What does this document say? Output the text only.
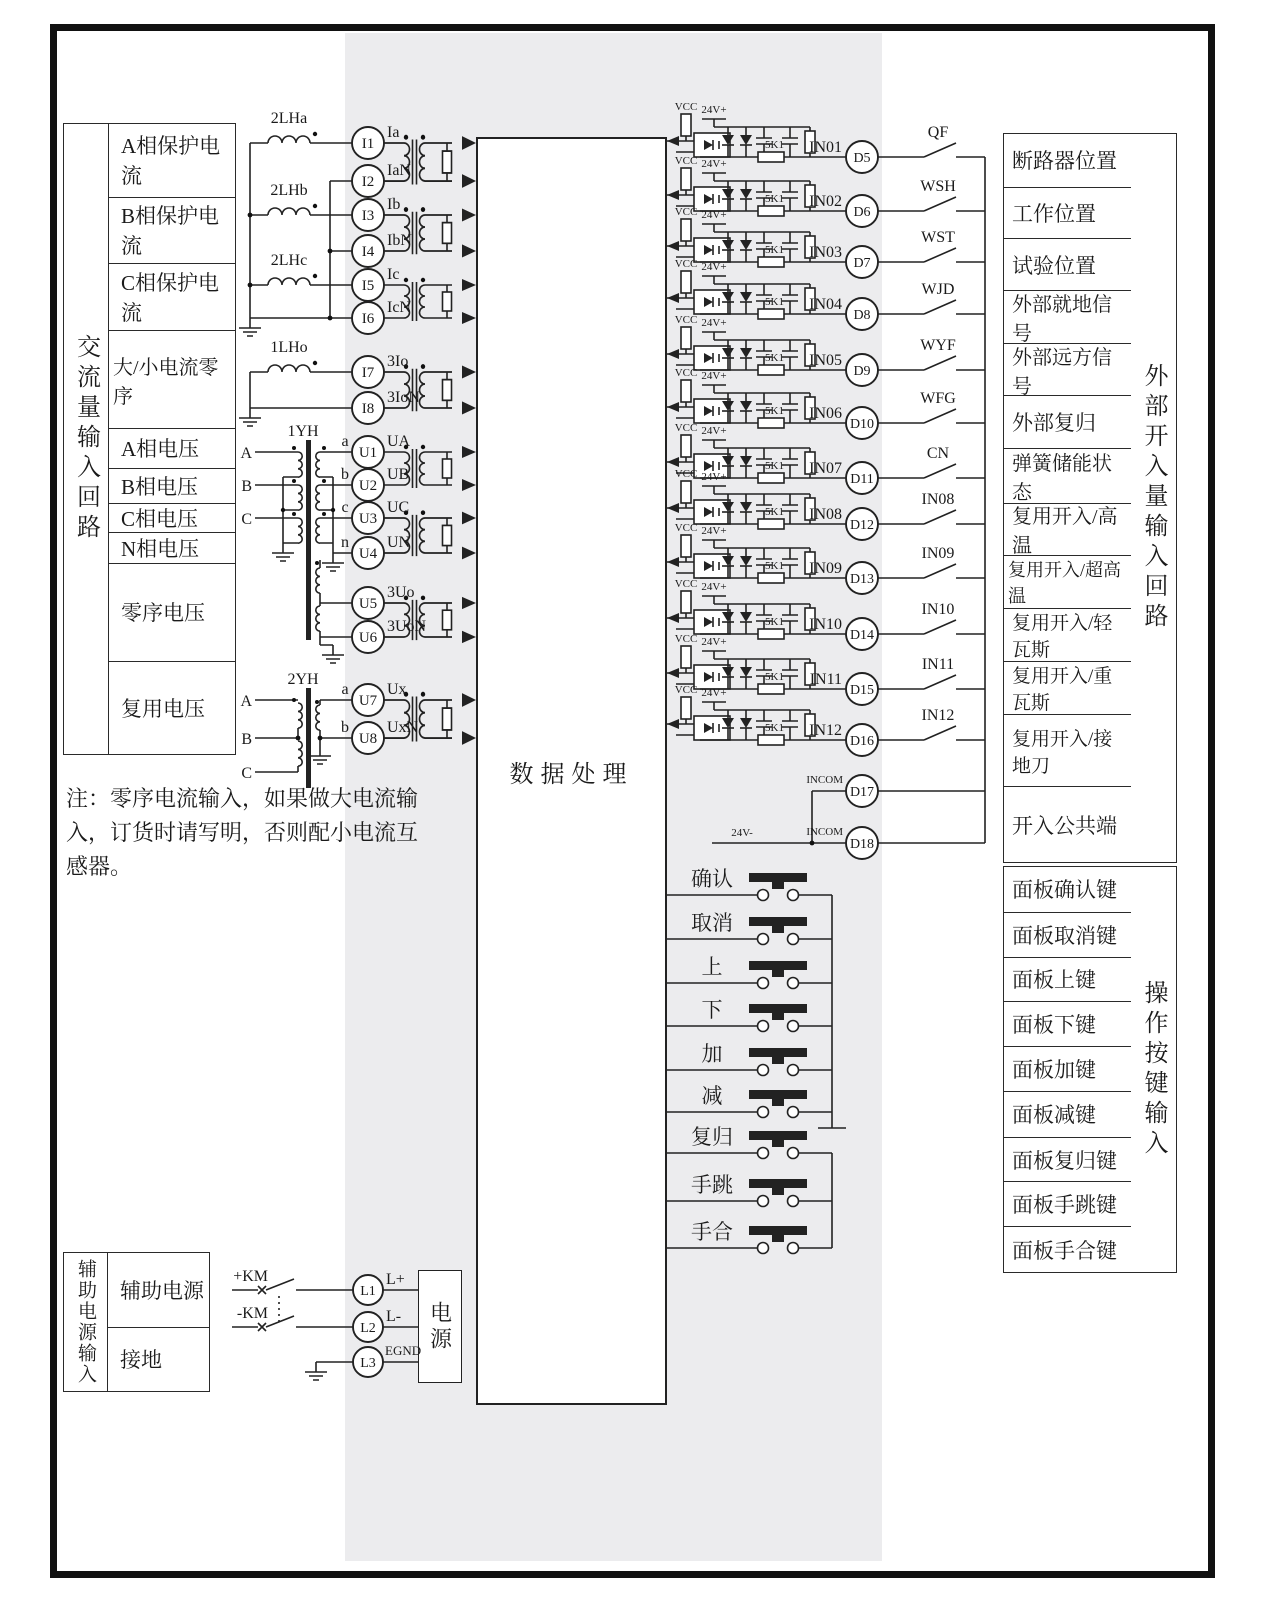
数据处理
电源
2LHa
I1
Ia
I2
IaN
2LHb
I3
Ib
I4
IbN
2LHc
I5
Ic
I6
IcN
1LHo
I7
3Io
I8
3IoN
1YH
A
B
C
a
b
c
n
U1
UA
U2
UB
U3
UC
U4
UN
U5
3Uo
U6
3UoN
2YH
A
B
C
a
b
U7
Ux
U8
UxN
VCC 24V+
5K1 IN01
D5
QF
VCC 24V+
5K1 IN02
D6
WSH
VCC 24V+
5K1 IN03
D7
WST
VCC 24V+
5K1 IN04
D8
WJD
VCC 24V+
5K1 IN05
D9
WYF
VCC 24V+
5K1 IN06
D10
WFG
VCC 24V+
5K1 IN07
D11
CN
VCC 24V+
5K1 IN08
D12
IN08
VCC 24V+
5K1 IN09
D13
IN09
VCC 24V+
5K1 IN10
D14
IN10
VCC 24V+
5K1 IN11
D15
IN11
VCC 24V+
5K1 IN12
D16
IN12
INCOM
D17
INCOM
D18
24V-
确认
取消
上
下
加
减
复归
手跳
手合
+KM
-KM
L1
L+
L2
L-
L3
EGND
交流量输入回路
A相保护电流
B相保护电流
C相保护电流
大/小电流零序
A相电压
B相电压
C相电压
N相电压
零序电压
复用电压
注：零序电流输入，如果做大电流输入，订货时请写明，否则配小电流互感器。
辅助电源输入	辅助电源
接地
断路器位置
工作位置
试验位置
外部就地信号
外部远方信号
外部复归
弹簧储能状态
复用开入/高温
复用开入/超高温
复用开入/轻瓦斯
复用开入/重瓦斯
复用开入/接地刀
开入公共端
外部开入量输入回路
面板确认键
面板取消键
面板上键
面板下键
面板加键
面板减键
面板复归键
面板手跳键
面板手合键
操作按键输入
